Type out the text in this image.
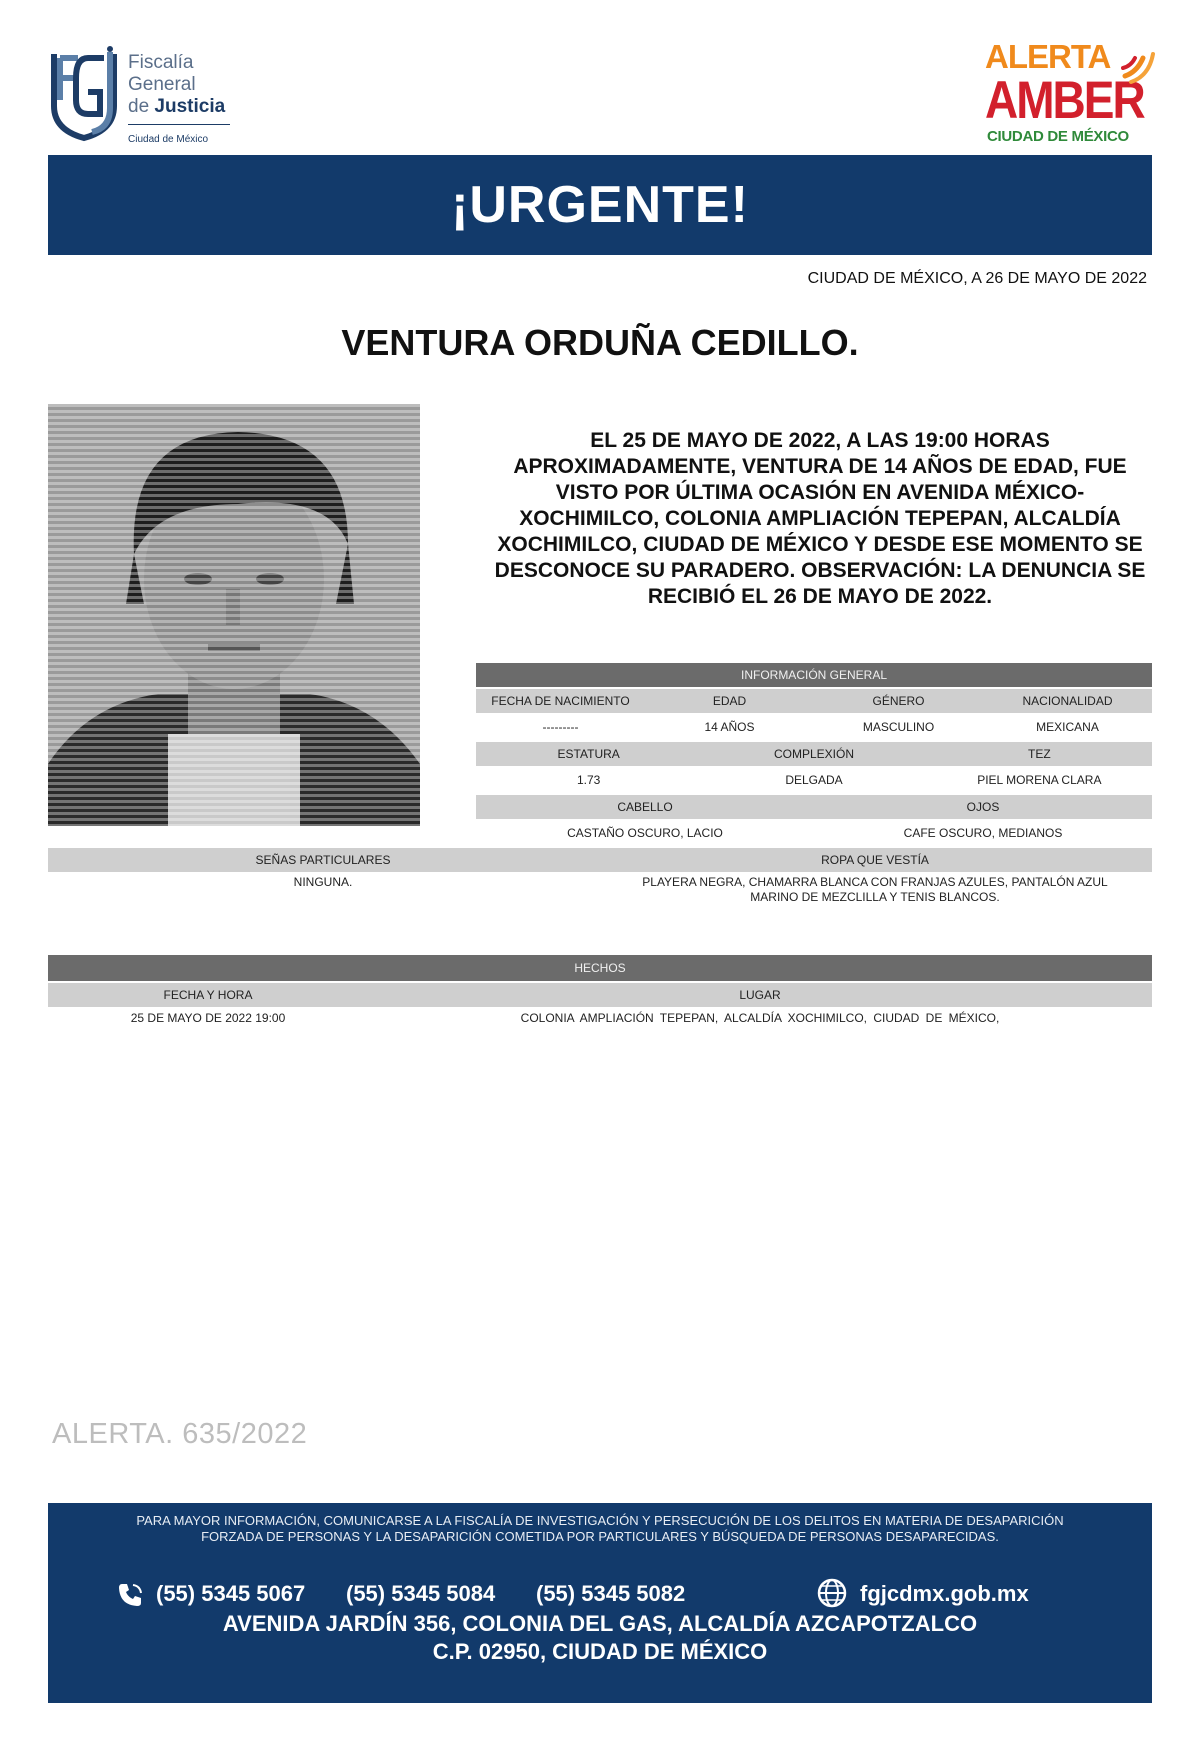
Fiscalía
General
de Justicia
Ciudad de México
ALERTA
AMBER
CIUDAD DE MÉXICO
¡URGENTE!
CIUDAD DE MÉXICO, A 26 DE MAYO DE 2022
VENTURA ORDUÑA CEDILLO.
EL 25 DE MAYO DE 2022, A LAS 19:00 HORAS APROXIMADAMENTE, VENTURA DE 14 AÑOS DE EDAD, FUE VISTO POR ÚLTIMA OCASIÓN EN AVENIDA MÉXICO-XOCHIMILCO, COLONIA AMPLIACIÓN TEPEPAN, ALCALDÍA XOCHIMILCO, CIUDAD DE MÉXICO Y DESDE ESE MOMENTO SE DESCONOCE SU PARADERO. OBSERVACIÓN: LA DENUNCIA SE RECIBIÓ EL 26 DE MAYO DE 2022.
INFORMACIÓN GENERAL
FECHA DE NACIMIENTO	EDAD	GÉNERO	NACIONALIDAD
---------	14 AÑOS	MASCULINO	MEXICANA
ESTATURA	COMPLEXIÓN	TEZ
1.73	DELGADA	PIEL MORENA CLARA
CABELLO	OJOS
CASTAÑO OSCURO, LACIO	CAFE OSCURO, MEDIANOS
SEÑAS PARTICULARES	ROPA QUE VESTÍA
NINGUNA.	PLAYERA NEGRA, CHAMARRA BLANCA CON FRANJAS AZULES, PANTALÓN AZUL
MARINO DE MEZCLILLA Y TENIS BLANCOS.
HECHOS
FECHA Y HORA	LUGAR
25 DE MAYO DE 2022 19:00	COLONIA AMPLIACIÓN TEPEPAN, ALCALDÍA XOCHIMILCO, CIUDAD DE MÉXICO,
ALERTA. 635/2022
PARA MAYOR INFORMACIÓN, COMUNICARSE A LA FISCALÍA DE INVESTIGACIÓN Y PERSECUCIÓN DE LOS DELITOS EN MATERIA DE DESAPARICIÓN
FORZADA DE PERSONAS Y LA DESAPARICIÓN COMETIDA POR PARTICULARES Y BÚSQUEDA DE PERSONAS DESAPARECIDAS.
(55) 5345 5067 (55) 5345 5084 (55) 5345 5082	fgjcdmx.gob.mx
AVENIDA JARDÍN 356, COLONIA DEL GAS, ALCALDÍA AZCAPOTZALCO
C.P. 02950, CIUDAD DE MÉXICO
